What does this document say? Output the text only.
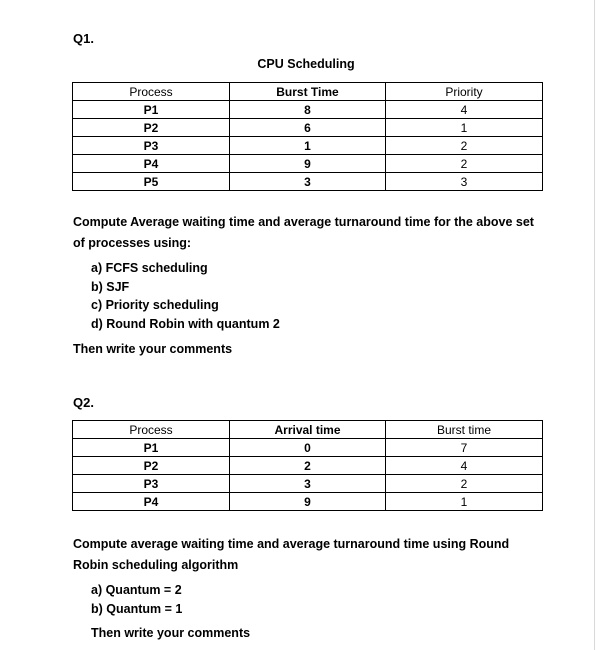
Q1.
CPU Scheduling
Process	Burst Time	Priority
P1	8	4
P2	6	1
P3	1	2
P4	9	2
P5	3	3
Compute Average waiting time and average turnaround time for the above set of processes using:
a) FCFS scheduling
b) SJF
c) Priority scheduling
d) Round Robin with quantum 2
Then write your comments
Q2.
Process	Arrival time	Burst time
P1	0	7
P2	2	4
P3	3	2
P4	9	1
Compute average waiting time and average turnaround time using Round Robin scheduling algorithm
a) Quantum = 2
b) Quantum = 1
Then write your comments
